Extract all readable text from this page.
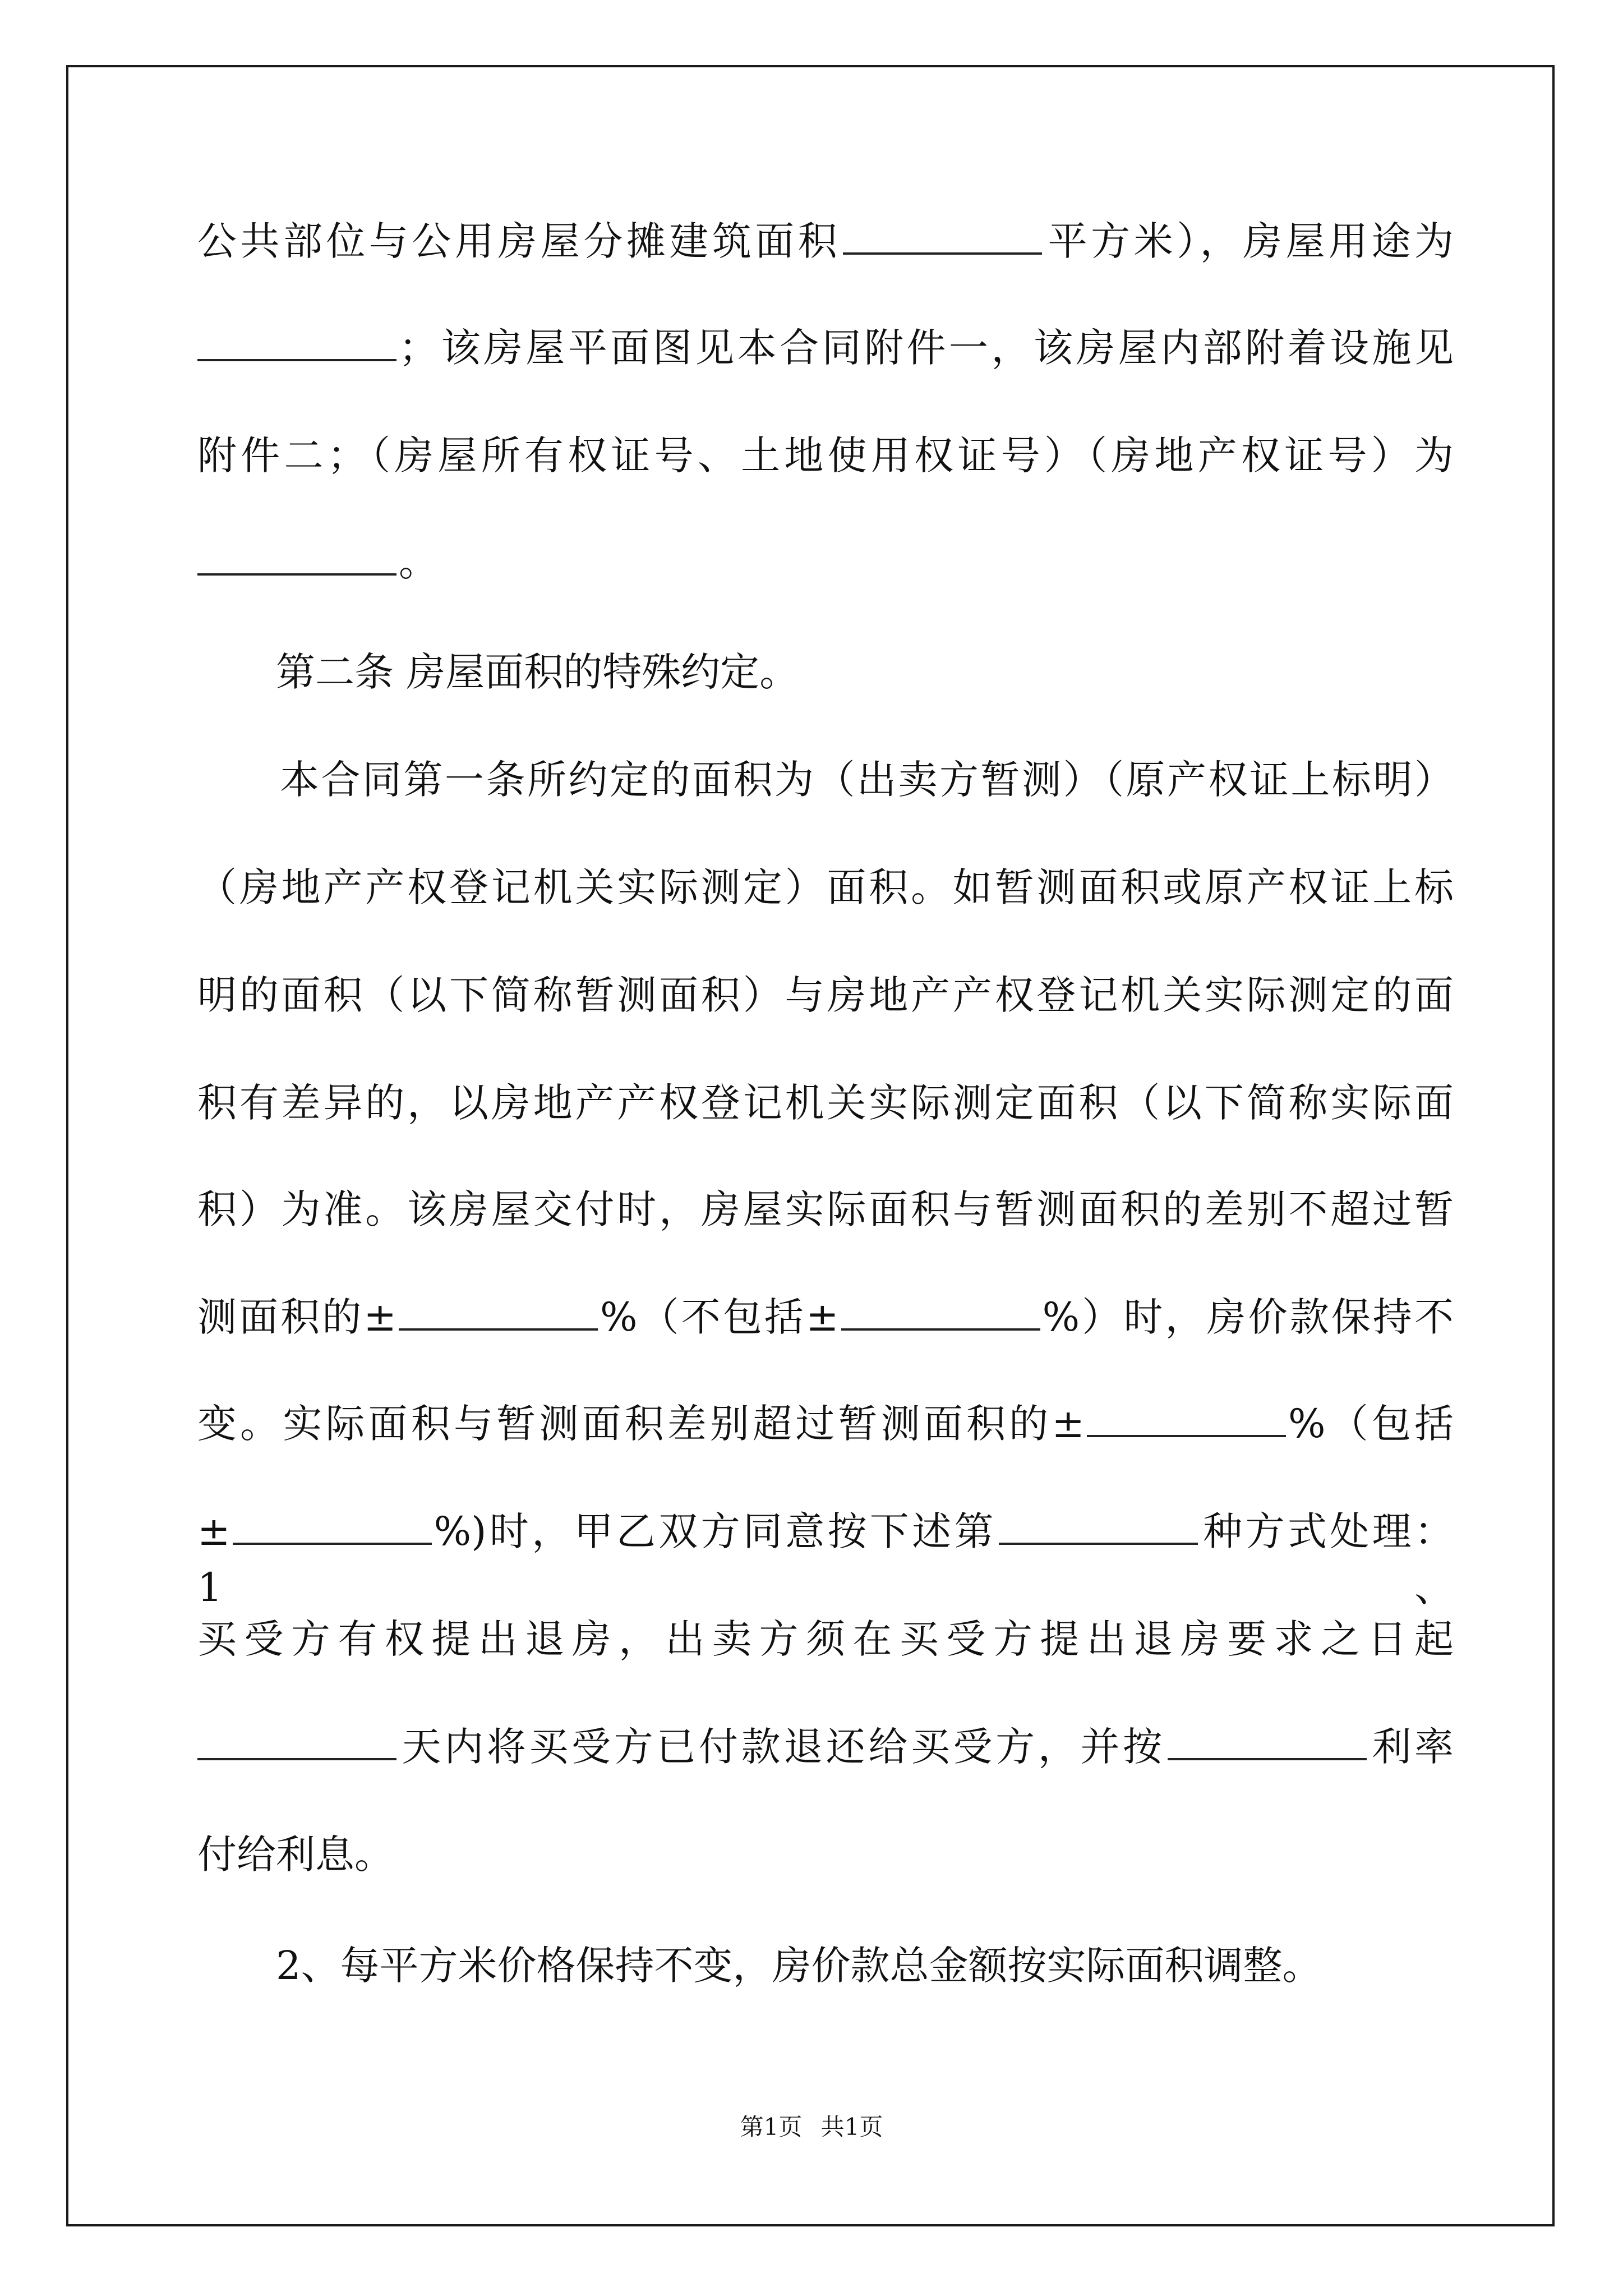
公共部位与公用房屋分摊建筑面积	平方米），房屋用途为
；该房屋平面图见本合同附件一，该房屋内部附着设施见
附件二；（房屋所有权证号、土地使用权证号）（房地产权证号）为
。
　　第二条 房屋面积的特殊约定。
　　本合同第一条所约定的面积为（出卖方暂测）（原产权证上标明）
（房地产产权登记机关实际测定）面积。如暂测面积或原产权证上标
明的面积（以下简称暂测面积）与房地产产权登记机关实际测定的面
积有差异的，以房地产产权登记机关实际测定面积（以下简称实际面
积）为准。该房屋交付时，房屋实际面积与暂测面积的差别不超过暂
测面积的±	%（不包括±	%）时，房价款保持不
变。实际面积与暂测面积差别超过暂测面积的±	%（包括
±	%)时，甲乙双方同意按下述第	种方式处理：1、
买受方有权提出退房，出卖方须在买受方提出退房要求之日起
天内将买受方已付款退还给买受方，并按	利率
付给利息。
　　2、每平方米价格保持不变，房价款总金额按实际面积调整。
第1页 共1页
